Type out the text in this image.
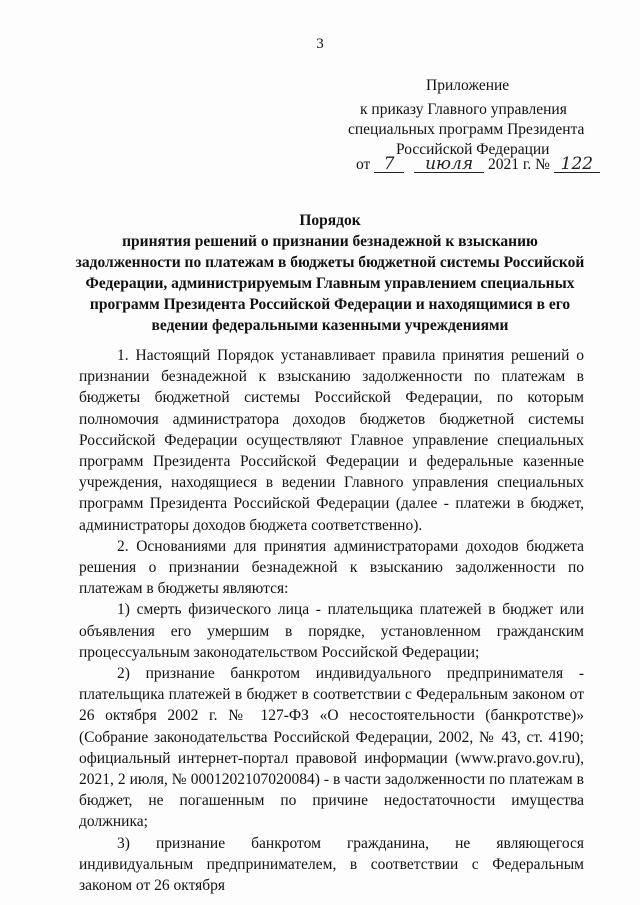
3
Приложение
к приказу Главного управления
специальных программ Президента
Российской Федерации
от 7 июля 2021 г. № 122
Порядок
принятия решений о признании безнадежной к взысканию
задолженности по платежам в бюджеты бюджетной системы Российской
Федерации, администрируемым Главным управлением специальных
программ Президента Российской Федерации и находящимися в его
ведении федеральными казенными учреждениями

1. Настоящий Порядок устанавливает правила принятия решений о признании безнадежной к взысканию задолженности по платежам в бюджеты бюджетной системы Российской Федерации, по которым полномочия администратора доходов бюджетов бюджетной системы Российской Федерации осуществляют Главное управление специальных программ Президента Российской Федерации и федеральные казенные учреждения, находящиеся в ведении Главного управления специальных программ Президента Российской Федерации (далее - платежи в бюджет, администраторы доходов бюджета соответственно).

2. Основаниями для принятия администраторами доходов бюджета решения о признании безнадежной к взысканию задолженности по платежам в бюджеты являются:

1) смерть физического лица - плательщика платежей в бюджет или объявления его умершим в порядке, установленном гражданским процессуальным законодательством Российской Федерации;

2) признание банкротом индивидуального предпринимателя - плательщика платежей в бюджет в соответствии с Федеральным законом от 26 октября 2002 г. № 127-ФЗ «О несостоятельности (банкротстве)» (Собрание законодательства Российской Федерации, 2002, № 43, ст. 4190; официальный интернет-портал правовой информации (www.pravo.gov.ru), 2021, 2 июля, № 0001202107020084) - в части задолженности по платежам в бюджет, не погашенным по причине недостаточности имущества должника;

3) признание банкротом гражданина, не являющегося индивидуальным предпринимателем, в соответствии с Федеральным законом от 26 октября
